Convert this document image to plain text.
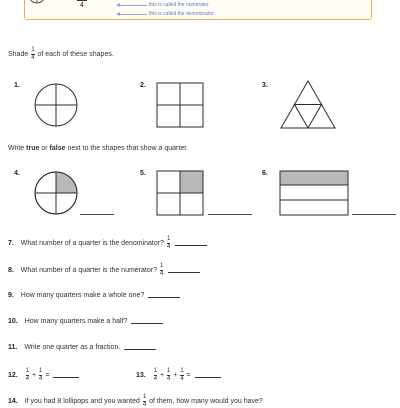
4	this is called the numerator
this is called the denominator
Shade $\frac{1}{4}$ of each of these shapes.
1.	2.	3.
Write true or false next to the shapes that show a quarter.
4.	5.	6.
7. What number of a quarter is the denominator? $\frac{1}{4}$

8. What number of a quarter is the numerator? $\frac{1}{4}$

9. How many quarters make a whole one?
10. How many quarters make a half?
11. Write one quarter as a fraction.
12. $\frac{1}{4} + \frac{1}{4}$ =	13. $\frac{1}{4} + \frac{1}{4} + \frac{1}{4}$ =
14. If you had 8 lollipops and you wanted $\frac{1}{4}$ of them, how many would you have?
